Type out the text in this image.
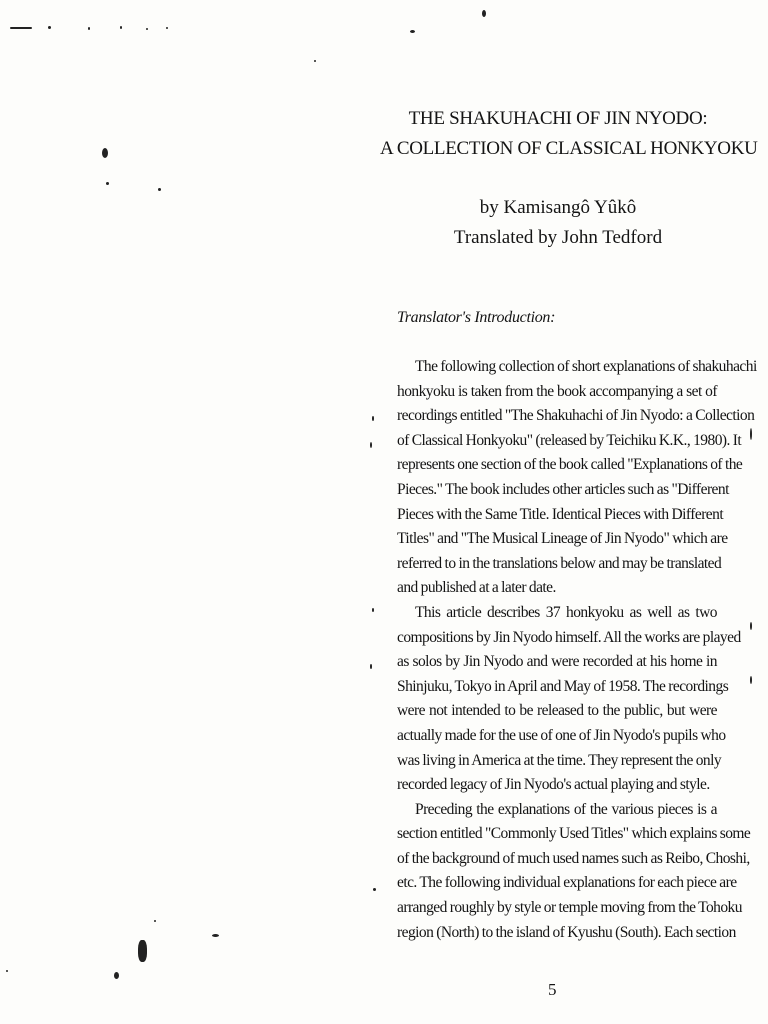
THE SHAKUHACHI OF JIN NYODO:
A COLLECTION OF CLASSICAL HONKYOKU
by Kamisangô Yûkô
Translated by John Tedford
Translator's Introduction:
The following collection of short explanations of shakuhachi
honkyoku is taken from the book accompanying a set of
recordings entitled "The Shakuhachi of Jin Nyodo: a Collection
of Classical Honkyoku" (released by Teichiku K.K., 1980). It
represents one section of the book called "Explanations of the
Pieces." The book includes other articles such as "Different
Pieces with the Same Title. Identical Pieces with Different
Titles" and "The Musical Lineage of Jin Nyodo" which are
referred to in the translations below and may be translated
and published at a later date.
This article describes 37 honkyoku as well as two
compositions by Jin Nyodo himself. All the works are played
as solos by Jin Nyodo and were recorded at his home in
Shinjuku, Tokyo in April and May of 1958. The recordings
were not intended to be released to the public, but were
actually made for the use of one of Jin Nyodo's pupils who
was living in America at the time. They represent the only
recorded legacy of Jin Nyodo's actual playing and style.
Preceding the explanations of the various pieces is a
section entitled "Commonly Used Titles" which explains some
of the background of much used names such as Reibo, Choshi,
etc. The following individual explanations for each piece are
arranged roughly by style or temple moving from the Tohoku
region (North) to the island of Kyushu (South). Each section
5
